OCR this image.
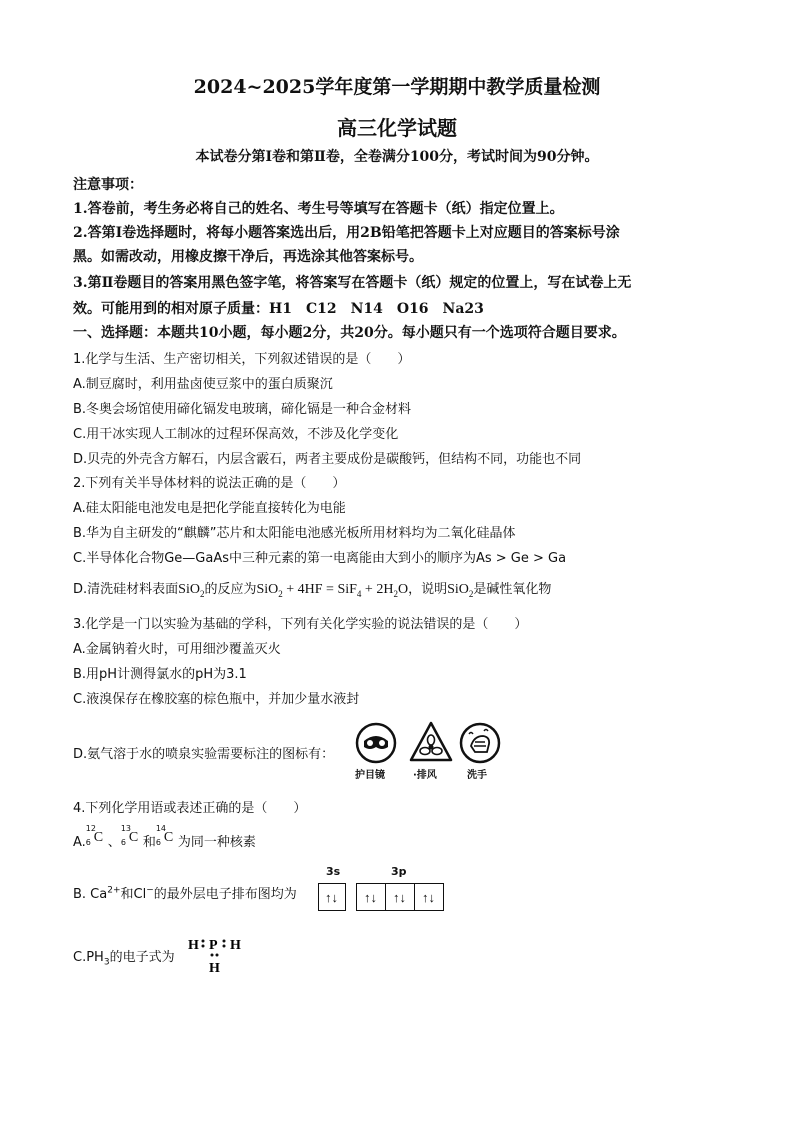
2024~2025学年度第一学期期中教学质量检测
高三化学试题
本试卷分第Ⅰ卷和第Ⅱ卷，全卷满分100分，考试时间为90分钟。
注意事项：
1.答卷前，考生务必将自己的姓名、考生号等填写在答题卡（纸）指定位置上。
2.答第Ⅰ卷选择题时，将每小题答案选出后，用2B铅笔把答题卡上对应题目的答案标号涂
黑。如需改动，用橡皮擦干净后，再选涂其他答案标号。
3.第Ⅱ卷题目的答案用黑色签字笔，将答案写在答题卡（纸）规定的位置上，写在试卷上无
效。可能用到的相对原子质量：H1　C12　N14　O16　Na23
一、选择题：本题共10小题，每小题2分，共20分。每小题只有一个选项符合题目要求。
1.化学与生活、生产密切相关，下列叙述错误的是（　　）
A.制豆腐时，利用盐卤使豆浆中的蛋白质聚沉
B.冬奥会场馆使用碲化镉发电玻璃，碲化镉是一种合金材料
C.用干冰实现人工制冰的过程环保高效，不涉及化学变化
D.贝壳的外壳含方解石，内层含霰石，两者主要成份是碳酸钙，但结构不同，功能也不同
2.下列有关半导体材料的说法正确的是（　　）
A.硅太阳能电池发电是把化学能直接转化为电能
B.华为自主研发的“麒麟”芯片和太阳能电池感光板所用材料均为二氧化硅晶体
C.半导体化合物Ge—GaAs中三种元素的第一电离能由大到小的顺序为As > Ge > Ga
D.清洗硅材料表面SiO$_2$的反应为$SiO_2 + 4HF = SiF_4 + 2H_2O$，说明SiO$_2$是碱性氧化物
3.化学是一门以实验为基础的学科，下列有关化学实验的说法错误的是（　　）
A.金属钠着火时，可用细沙覆盖灭火
B.用pH计测得氯水的pH为3.1
C.液溴保存在橡胶塞的棕色瓶中，并加少量水液封
D.氨气溶于水的喷泉实验需要标注的图标有：
护目镜	·排风	洗手
4.下列化学用语或表述正确的是（　　）
A.
12
6 C 、
13
6 C 和
14
6 C 为同一种核素
B. $Ca^{2+}$和Cl−的最外层电子排布图均为
3s	3p
↑↓ ↑↓ ↑↓ ↑↓
$C.PH_3$的电子式为
H P H
H
